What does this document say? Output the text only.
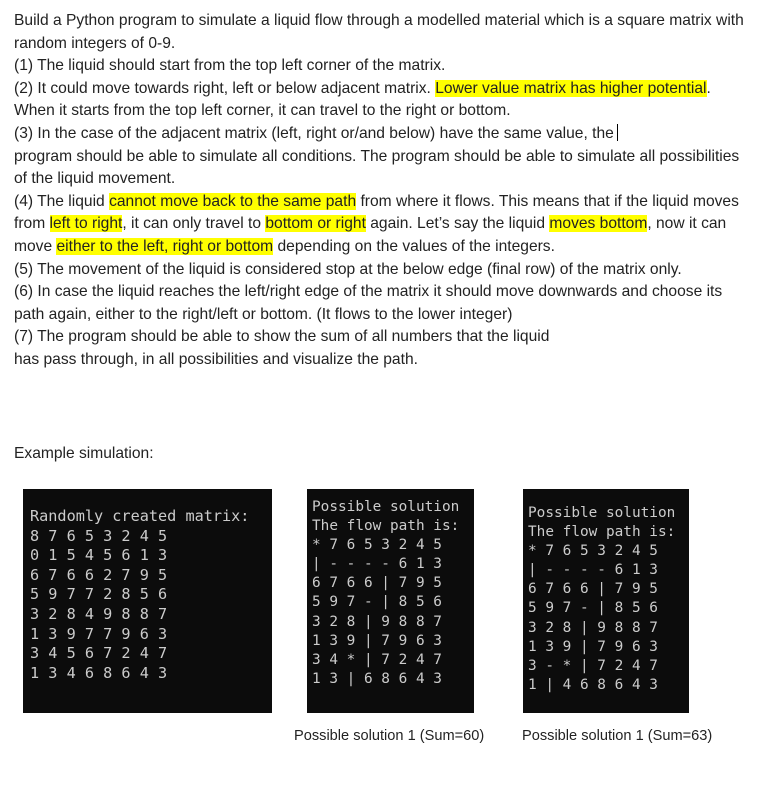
Build a Python program to simulate a liquid flow through a modelled material which is a square matrix with random integers of 0-9.

(1) The liquid should start from the top left corner of the matrix.

(2) It could move towards right, left or below adjacent matrix. Lower value matrix has higher potential. When it starts from the top left corner, it can travel to the right or bottom.

(3) In the case of the adjacent matrix (left, right or/and below) have the same value, the
program should be able to simulate all conditions. The program should be able to simulate all possibilities of the liquid movement.

(4) The liquid cannot move back to the same path from where it flows. This means that if the liquid moves from left to right, it can only travel to bottom or right again. Let’s say the liquid moves bottom, now it can move either to the left, right or bottom depending on the values of the integers.

(5) The movement of the liquid is considered stop at the below edge (final row) of the matrix only.

(6) In case the liquid reaches the left/right edge of the matrix it should move downwards and choose its path again, either to the right/left or bottom. (It flows to the lower integer)

(7) The program should be able to show the sum of all numbers that the liquid
has pass through, in all possibilities and visualize the path.

Example simulation:
Randomly created matrix:
8 7 6 5 3 2 4 5
0 1 5 4 5 6 1 3
6 7 6 6 2 7 9 5
5 9 7 7 2 8 5 6
3 2 8 4 9 8 8 7
1 3 9 7 7 9 6 3
3 4 5 6 7 2 4 7
1 3 4 6 8 6 4 3
Possible solution
The flow path is:
* 7 6 5 3 2 4 5
| - - - - 6 1 3
6 7 6 6 | 7 9 5
5 9 7 - | 8 5 6
3 2 8 | 9 8 8 7
1 3 9 | 7 9 6 3
3 4 * | 7 2 4 7
1 3 | 6 8 6 4 3
Possible solution
The flow path is:
* 7 6 5 3 2 4 5
| - - - - 6 1 3
6 7 6 6 | 7 9 5
5 9 7 - | 8 5 6
3 2 8 | 9 8 8 7
1 3 9 | 7 9 6 3
3 - * | 7 2 4 7
1 | 4 6 8 6 4 3
Possible solution 1 (Sum=60)	Possible solution 1 (Sum=63)
